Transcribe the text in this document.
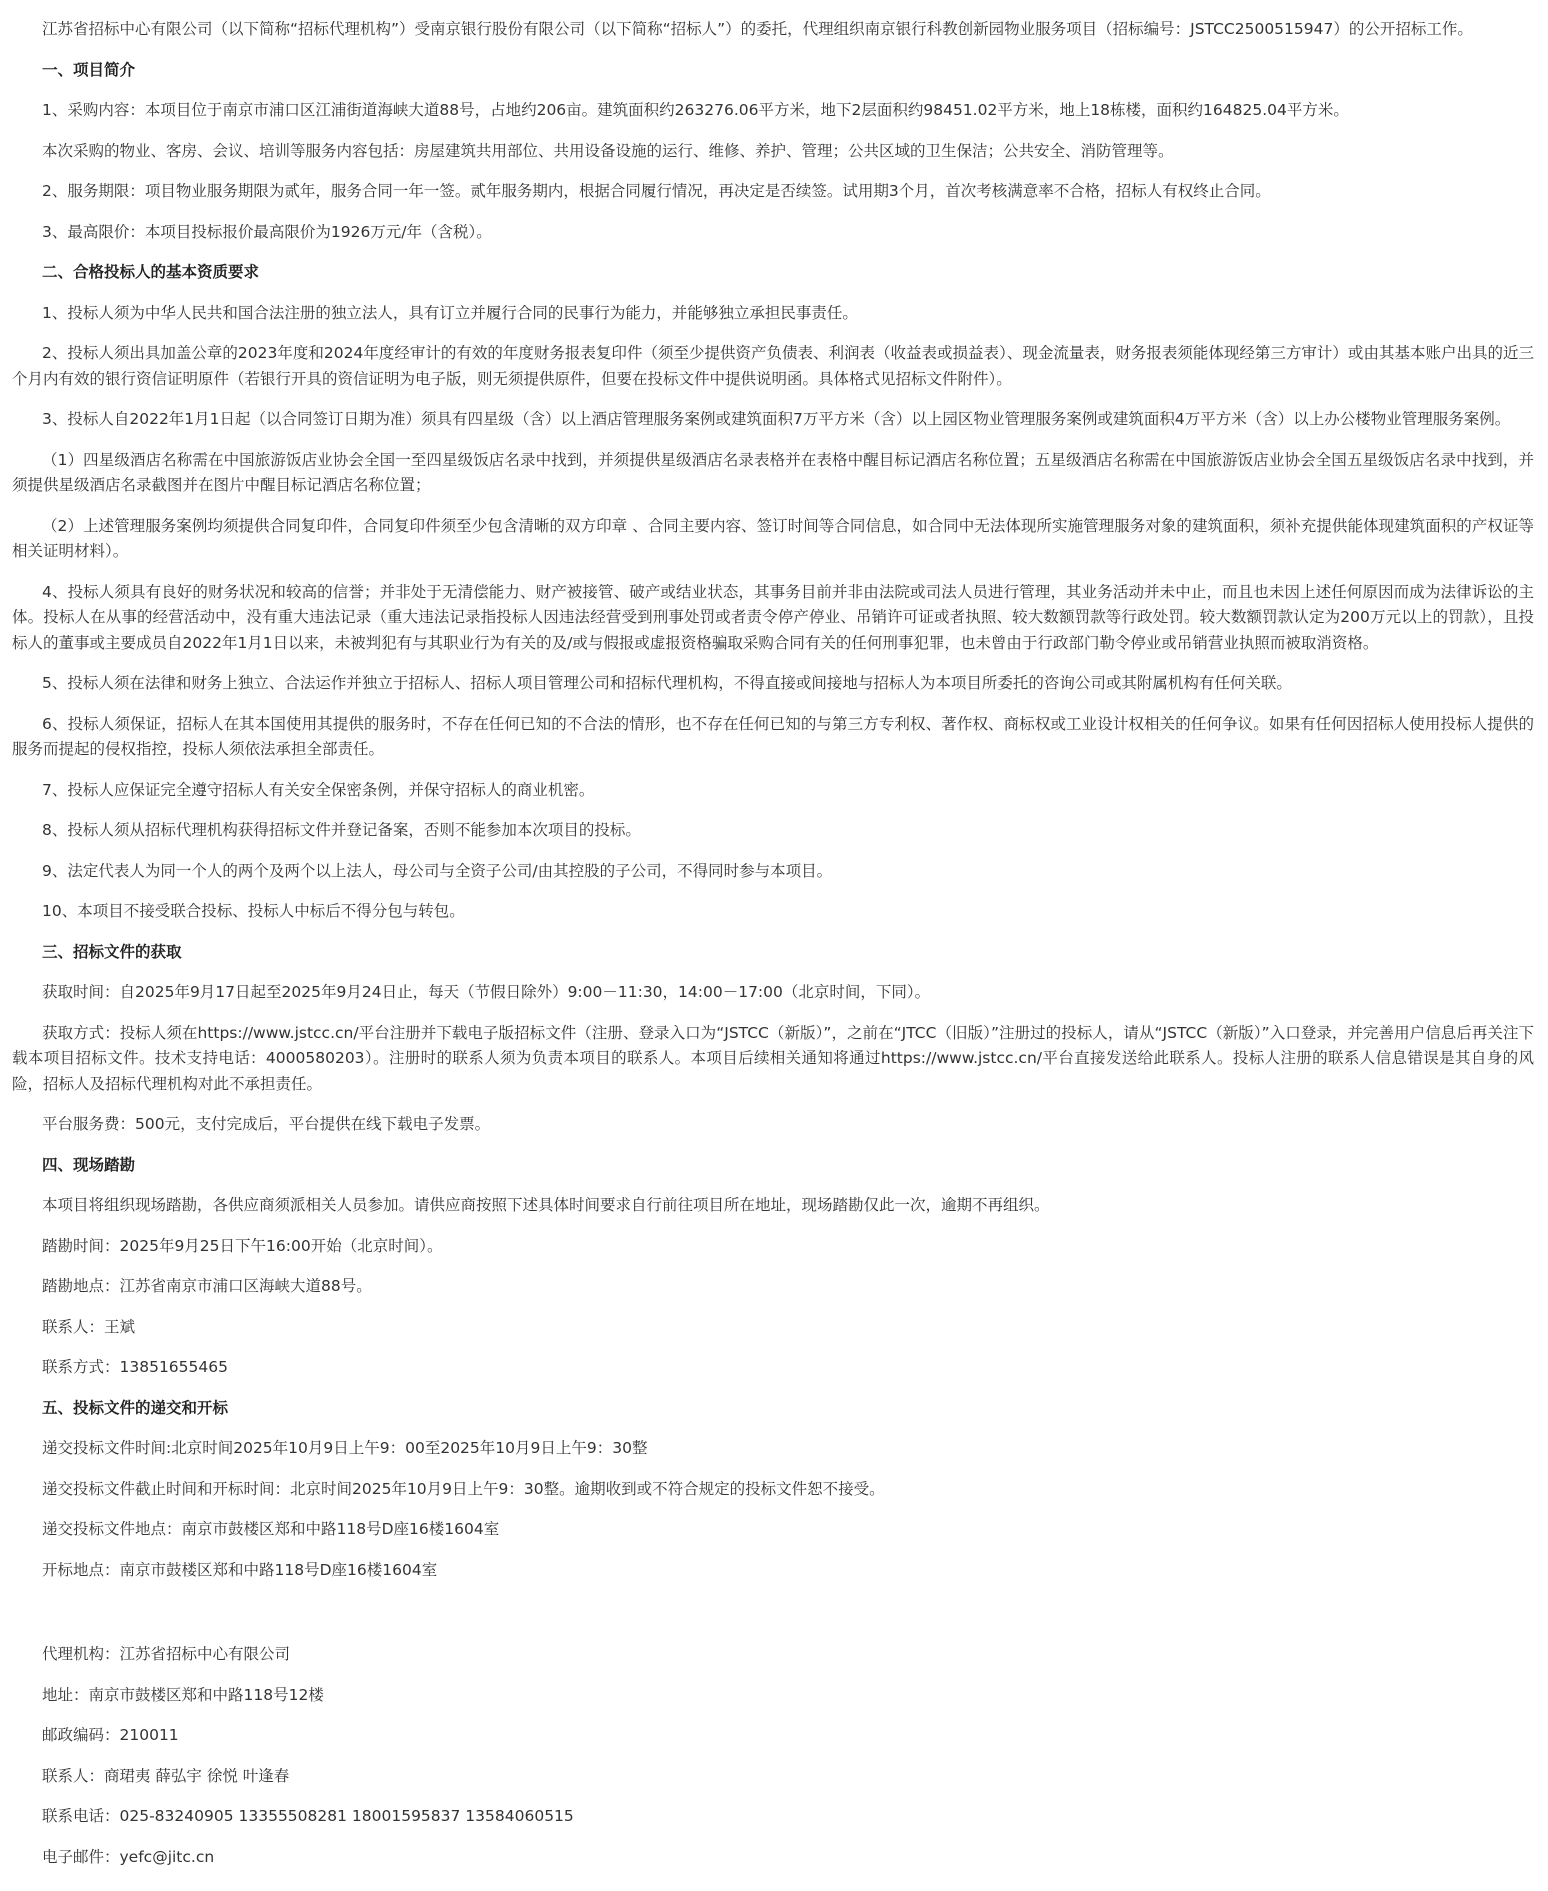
江苏省招标中心有限公司（以下简称“招标代理机构”）受南京银行股份有限公司（以下简称“招标人”）的委托，代理组织南京银行科教创新园物业服务项目（招标编号：JSTCC2500515947）的公开招标工作。

一、项目简介

1、采购内容：本项目位于南京市浦口区江浦街道海峡大道88号，占地约206亩。建筑面积约263276.06平方米，地下2层面积约98451.02平方米，地上18栋楼，面积约164825.04平方米。

本次采购的物业、客房、会议、培训等服务内容包括：房屋建筑共用部位、共用设备设施的运行、维修、养护、管理；公共区域的卫生保洁；公共安全、消防管理等。

2、服务期限：项目物业服务期限为贰年，服务合同一年一签。贰年服务期内，根据合同履行情况，再决定是否续签。试用期3个月，首次考核满意率不合格，招标人有权终止合同。

3、最高限价：本项目投标报价最高限价为1926万元/年（含税）。

二、合格投标人的基本资质要求

1、投标人须为中华人民共和国合法注册的独立法人，具有订立并履行合同的民事行为能力，并能够独立承担民事责任。

2、投标人须出具加盖公章的2023年度和2024年度经审计的有效的年度财务报表复印件（须至少提供资产负债表、利润表（收益表或损益表）、现金流量表，财务报表须能体现经第三方审计）或由其基本账户出具的近三个月内有效的银行资信证明原件（若银行开具的资信证明为电子版，则无须提供原件，但要在投标文件中提供说明函。具体格式见招标文件附件）。

3、投标人自2022年1月1日起（以合同签订日期为准）须具有四星级（含）以上酒店管理服务案例或建筑面积7万平方米（含）以上园区物业管理服务案例或建筑面积4万平方米（含）以上办公楼物业管理服务案例。

（1）四星级酒店名称需在中国旅游饭店业协会全国一至四星级饭店名录中找到，并须提供星级酒店名录表格并在表格中醒目标记酒店名称位置；五星级酒店名称需在中国旅游饭店业协会全国五星级饭店名录中找到，并须提供星级酒店名录截图并在图片中醒目标记酒店名称位置；

（2）上述管理服务案例均须提供合同复印件，合同复印件须至少包含清晰的双方印章 、合同主要内容、签订时间等合同信息，如合同中无法体现所实施管理服务对象的建筑面积，须补充提供能体现建筑面积的产权证等相关证明材料）。

4、投标人须具有良好的财务状况和较高的信誉；并非处于无清偿能力、财产被接管、破产或结业状态，其事务目前并非由法院或司法人员进行管理，其业务活动并未中止，而且也未因上述任何原因而成为法律诉讼的主体。投标人在从事的经营活动中，没有重大违法记录（重大违法记录指投标人因违法经营受到刑事处罚或者责令停产停业、吊销许可证或者执照、较大数额罚款等行政处罚。较大数额罚款认定为200万元以上的罚款），且投标人的董事或主要成员自2022年1月1日以来，未被判犯有与其职业行为有关的及/或与假报或虚报资格骗取采购合同有关的任何刑事犯罪，也未曾由于行政部门勒令停业或吊销营业执照而被取消资格。

5、投标人须在法律和财务上独立、合法运作并独立于招标人、招标人项目管理公司和招标代理机构，不得直接或间接地与招标人为本项目所委托的咨询公司或其附属机构有任何关联。

6、投标人须保证，招标人在其本国使用其提供的服务时，不存在任何已知的不合法的情形，也不存在任何已知的与第三方专利权、著作权、商标权或工业设计权相关的任何争议。如果有任何因招标人使用投标人提供的服务而提起的侵权指控，投标人须依法承担全部责任。

7、投标人应保证完全遵守招标人有关安全保密条例，并保守招标人的商业机密。

8、投标人须从招标代理机构获得招标文件并登记备案，否则不能参加本次项目的投标。

9、法定代表人为同一个人的两个及两个以上法人，母公司与全资子公司/由其控股的子公司，不得同时参与本项目。

10、本项目不接受联合投标、投标人中标后不得分包与转包。

三、招标文件的获取

获取时间：自2025年9月17日起至2025年9月24日止，每天（节假日除外）9:00－11:30，14:00－17:00（北京时间，下同）。

获取方式：投标人须在https://www.jstcc.cn/平台注册并下载电子版招标文件（注册、登录入口为“JSTCC（新版）”，之前在“JTCC（旧版）”注册过的投标人，请从“JSTCC（新版）”入口登录，并完善用户信息后再关注下载本项目招标文件。技术支持电话：4000580203）。注册时的联系人须为负责本项目的联系人。本项目后续相关通知将通过https://www.jstcc.cn/平台直接发送给此联系人。投标人注册的联系人信息错误是其自身的风险，招标人及招标代理机构对此不承担责任。

平台服务费：500元，支付完成后，平台提供在线下载电子发票。

四、现场踏勘

本项目将组织现场踏勘，各供应商须派相关人员参加。请供应商按照下述具体时间要求自行前往项目所在地址，现场踏勘仅此一次，逾期不再组织。

踏勘时间：2025年9月25日下午16:00开始（北京时间）。

踏勘地点：江苏省南京市浦口区海峡大道88号。

联系人：王斌

联系方式：13851655465

五、投标文件的递交和开标

递交投标文件时间:北京时间2025年10月9日上午9：00至2025年10月9日上午9：30整

递交投标文件截止时间和开标时间：北京时间2025年10月9日上午9：30整。逾期收到或不符合规定的投标文件恕不接受。

递交投标文件地点：南京市鼓楼区郑和中路118号D座16楼1604室

开标地点：南京市鼓楼区郑和中路118号D座16楼1604室

代理机构：江苏省招标中心有限公司

地址：南京市鼓楼区郑和中路118号12楼

邮政编码：210011

联系人：商珺夷 薛弘宇 徐悦 叶逢春

联系电话：025-83240905 13355508281 18001595837 13584060515

电子邮件：yefc@jitc.cn
